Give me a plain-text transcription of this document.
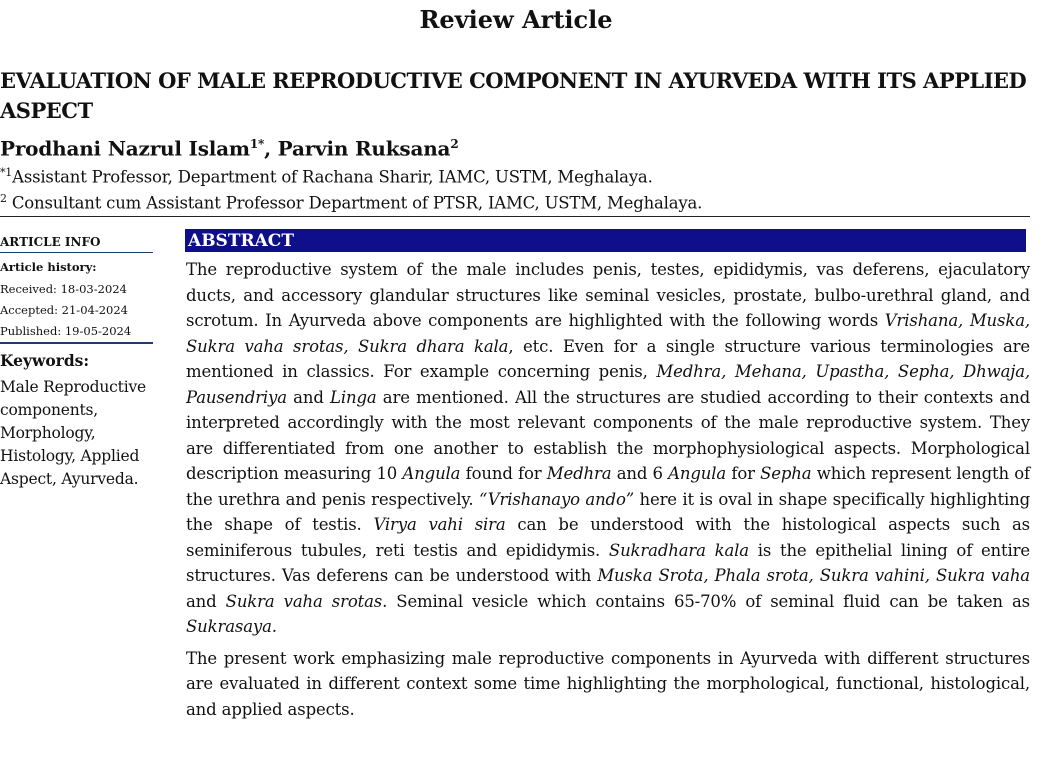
Review Article
EVALUATION OF MALE REPRODUCTIVE COMPONENT IN AYURVEDA WITH ITS APPLIED ASPECT
Prodhani Nazrul Islam$^{1*}$, Parvin Ruksana$^2$
$^{*1}$Assistant Professor, Department of Rachana Sharir, IAMC, USTM, Meghalaya.
$^2$ Consultant cum Assistant Professor Department of PTSR, IAMC, USTM, Meghalaya.
ARTICLE INFO
Article history:
Received: 18-03-2024
Accepted: 21-04-2024
Published: 19-05-2024
Keywords:
Male Reproductive components, Morphology, Histology, Applied Aspect, Ayurveda.
ABSTRACT

The reproductive system of the male includes penis, testes, epididymis, vas deferens, ejaculatory ducts, and accessory glandular structures like seminal vesicles, prostate, bulbo-urethral gland, and scrotum. In Ayurveda above components are highlighted with the following words Vrishana, Muska, Sukra vaha srotas, Sukra dhara kala, etc. Even for a single structure various terminologies are mentioned in classics. For example concerning penis, Medhra, Mehana, Upastha, Sepha, Dhwaja, Pausendriya and Linga are mentioned. All the structures are studied according to their contexts and interpreted accordingly with the most relevant components of the male reproductive system. They are differentiated from one another to establish the morphophysiological aspects. Morphological description measuring 10 Angula found for Medhra and 6 Angula for Sepha which represent length of the urethra and penis respectively. “Vrishanayo ando” here it is oval in shape specifically highlighting the shape of testis. Virya vahi sira can be understood with the histological aspects such as seminiferous tubules, reti testis and epididymis. Sukradhara kala is the epithelial lining of entire structures. Vas deferens can be understood with Muska Srota, Phala srota, Sukra vahini, Sukra vaha and Sukra vaha srotas. Seminal vesicle which contains 65-70% of seminal fluid can be taken as Sukrasaya.

The present work emphasizing male reproductive components in Ayurveda with different structures are evaluated in different context some time highlighting the morphological, functional, histological, and applied aspects.
